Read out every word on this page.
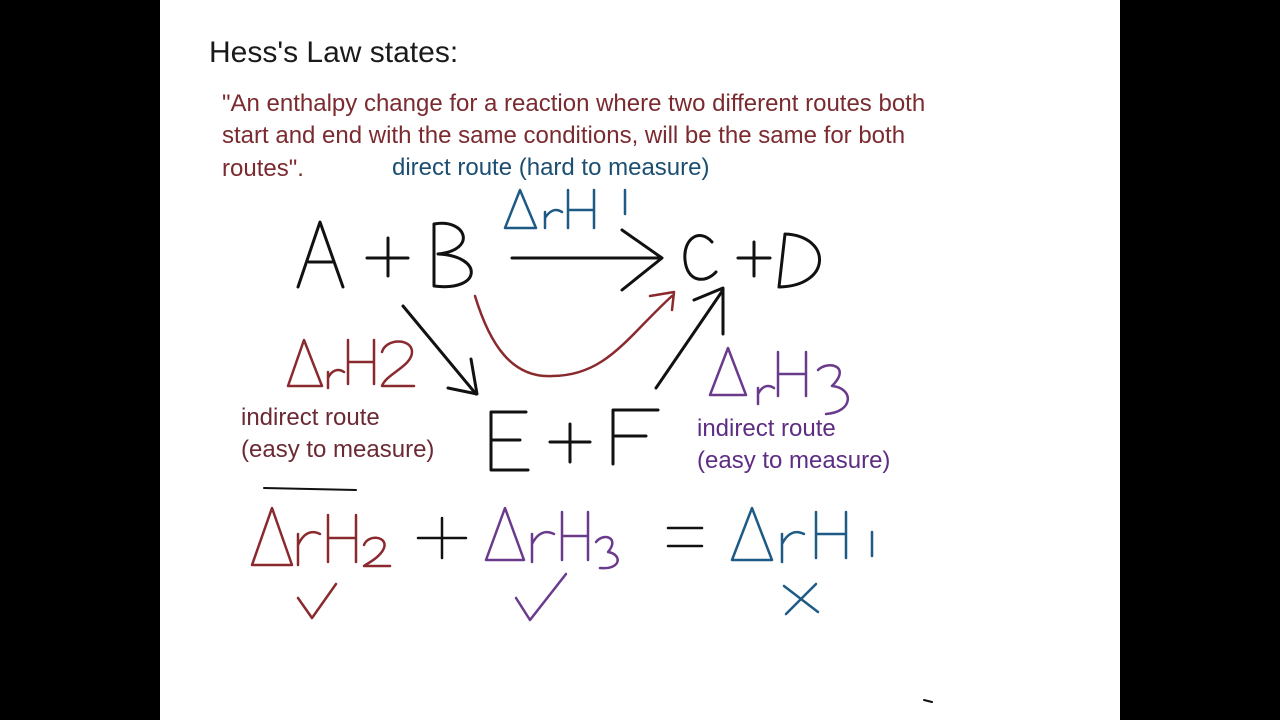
Hess's Law states:
"An enthalpy change for a reaction where two different routes both
start and end with the same conditions, will be the same for both
routes".	direct route (hard to measure)
indirect route
(easy to measure)
indirect route
(easy to measure)
